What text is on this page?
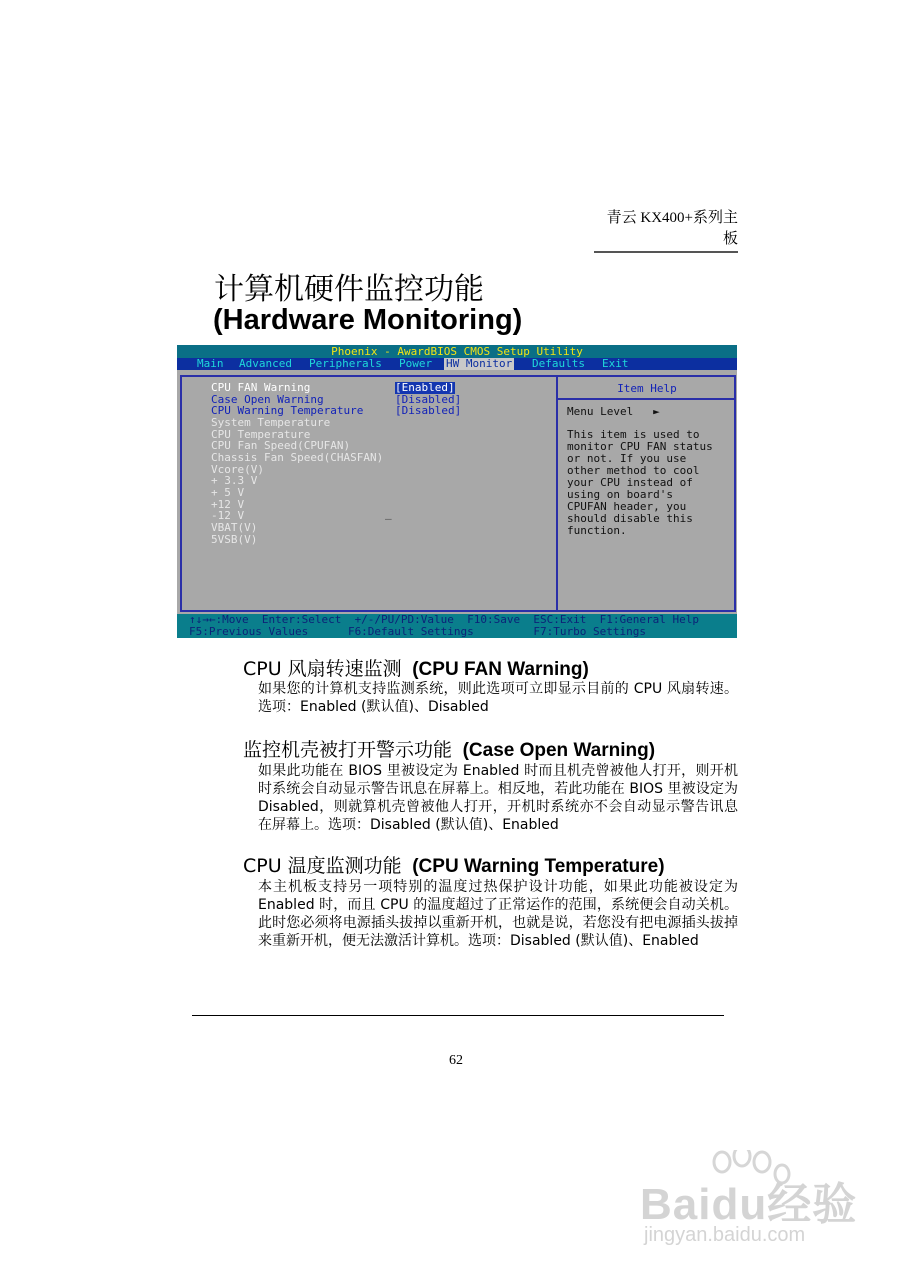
青云 KX400+系列主板
计算机硬件监控功能
(Hardware Monitoring)
Phoenix - AwardBIOS CMOS Setup Utility

Main

Advanced

Peripherals

Power

HW Monitor

Defaults

Exit

CPU FAN Warning	[Enabled]
Case Open Warning	[Disabled]
CPU Warning Temperature	[Disabled]
System Temperature
CPU Temperature
CPU Fan Speed(CPUFAN)
Chassis Fan Speed(CHASFAN)
Vcore(V)
+ 3.3 V
+ 5 V
+12 V
-12 V
VBAT(V)
5VSB(V)
–
Item Help
Menu Level   ►
This item is used to
monitor CPU FAN status
or not. If you use
other method to cool
your CPU instead of
using on board's
CPUFAN header, you
should disable this
function.

↑↓→←:Move  Enter:Select  +/-/PU/PD:Value  F10:Save  ESC:Exit  F1:General Help

F5:Previous Values      F6:Default Settings         F7:Turbo Settings

CPU 风扇转速监测 (CPU FAN Warning)
如果您的计算机支持监测系统，则此选项可立即显示目前的 CPU 风扇转速。选项：Enabled (默认值)、Disabled
监控机壳被打开警示功能 (Case Open Warning)
如果此功能在 BIOS 里被设定为 Enabled 时而且机壳曾被他人打开，则开机时系统会自动显示警告讯息在屏幕上。相反地，若此功能在 BIOS 里被设定为 Disabled，则就算机壳曾被他人打开，开机时系统亦不会自动显示警告讯息在屏幕上。选项：Disabled (默认值)、Enabled
CPU 温度监测功能 (CPU Warning Temperature)
本主机板支持另一项特别的温度过热保护设计功能，如果此功能被设定为 Enabled 时，而且 CPU 的温度超过了正常运作的范围，系统便会自动关机。此时您必须将电源插头拔掉以重新开机，也就是说，若您没有把电源插头拔掉来重新开机，便无法激活计算机。选项：Disabled (默认值)、Enabled
62
Baidu经验
jingyan.baidu.com
